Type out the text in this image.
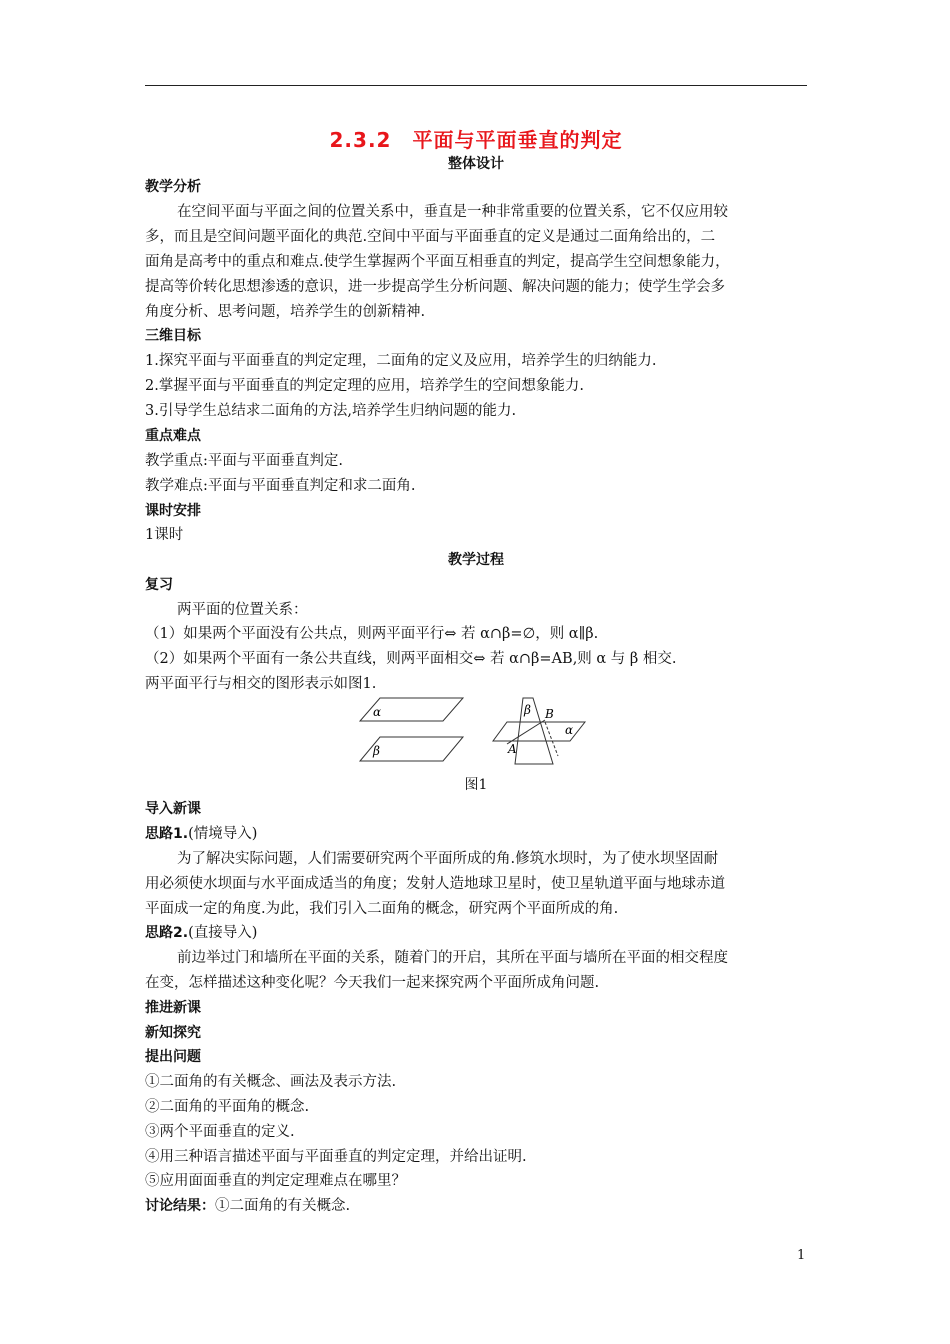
2.3.2　平面与平面垂直的判定
整体设计
教学分析
在空间平面与平面之间的位置关系中，垂直是一种非常重要的位置关系，它不仅应用较
多，而且是空间问题平面化的典范.空间中平面与平面垂直的定义是通过二面角给出的，二
面角是高考中的重点和难点.使学生掌握两个平面互相垂直的判定，提高学生空间想象能力，
提高等价转化思想渗透的意识，进一步提高学生分析问题、解决问题的能力；使学生学会多
角度分析、思考问题，培养学生的创新精神.
三维目标
1.探究平面与平面垂直的判定定理，二面角的定义及应用，培养学生的归纳能力.
2.掌握平面与平面垂直的判定定理的应用，培养学生的空间想象能力.
3.引导学生总结求二面角的方法,培养学生归纳问题的能力.
重点难点
教学重点:平面与平面垂直判定.
教学难点:平面与平面垂直判定和求二面角.
课时安排
1课时
教学过程
复习
两平面的位置关系：
（1）如果两个平面没有公共点，则两平面平行⇔ 若 α∩β=∅，则 α∥β.
（2）如果两个平面有一条公共直线，则两平面相交⇔ 若 α∩β=AB,则 α 与 β 相交.
两平面平行与相交的图形表示如图1.
α
β
β B
α
A
图1
导入新课
思路1.(情境导入)
为了解决实际问题，人们需要研究两个平面所成的角.修筑水坝时，为了使水坝坚固耐
用必须使水坝面与水平面成适当的角度；发射人造地球卫星时，使卫星轨道平面与地球赤道
平面成一定的角度.为此，我们引入二面角的概念，研究两个平面所成的角.
思路2.(直接导入)
前边举过门和墙所在平面的关系，随着门的开启，其所在平面与墙所在平面的相交程度
在变，怎样描述这种变化呢？今天我们一起来探究两个平面所成角问题.
推进新课
新知探究
提出问题
①二面角的有关概念、画法及表示方法.
②二面角的平面角的概念.
③两个平面垂直的定义.
④用三种语言描述平面与平面垂直的判定定理，并给出证明.
⑤应用面面垂直的判定定理难点在哪里？
讨论结果：①二面角的有关概念.
1
